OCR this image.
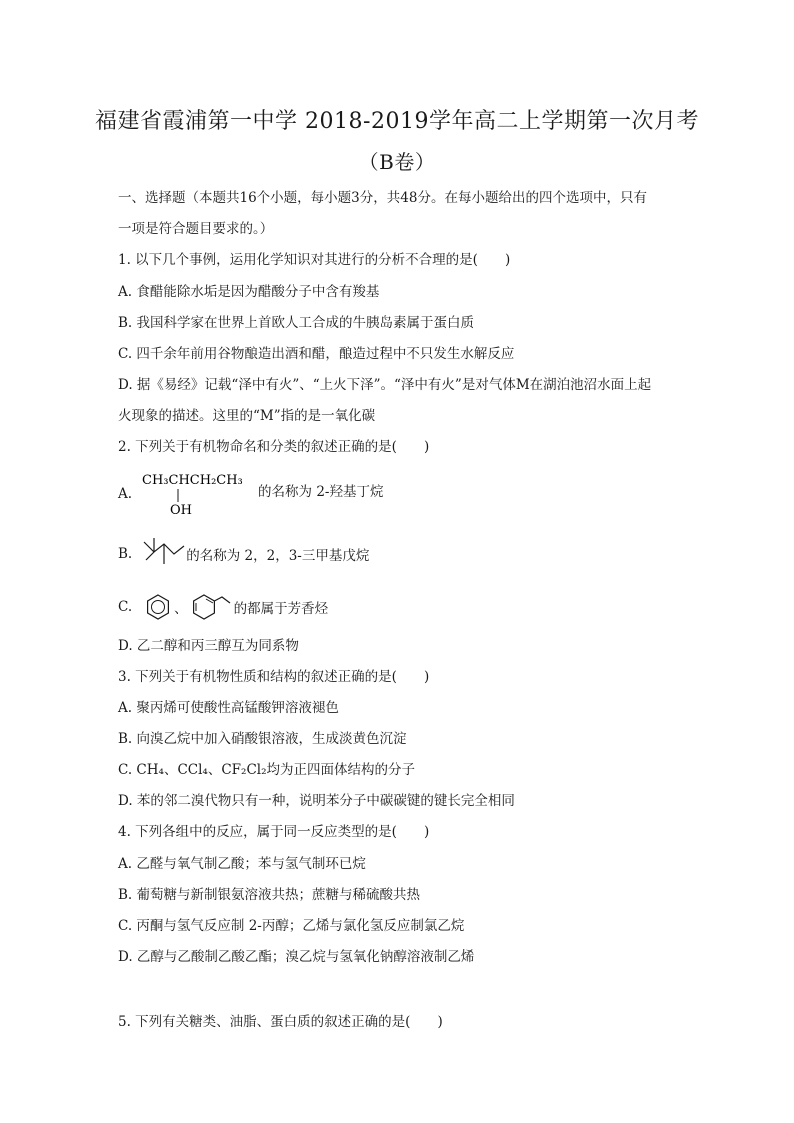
福建省霞浦第一中学 2018-2019学年高二上学期第一次月考
（B卷）
一、选择题（本题共16个小题，每小题3分，共48分。在每小题给出的四个选项中，只有
一项是符合题目要求的。）
1. 以下几个事例，运用化学知识对其进行的分析不合理的是(　　)
A. 食醋能除水垢是因为醋酸分子中含有羧基
B. 我国科学家在世界上首欧人工合成的牛胰岛素属于蛋白质
C. 四千余年前用谷物酿造出酒和醋，酿造过程中不只发生水解反应
D. 据《易经》记载“泽中有火”、“上火下泽”。“泽中有火”是对气体M在湖泊池沼水面上起
火现象的描述。这里的“M”指的是一氧化碳
2. 下列关于有机物命名和分类的叙述正确的是(　　)
A.
CH₃CHCH₂CH₃
OH
的名称为 2-羟基丁烷
B.	的名称为 2，2，3-三甲基戊烷
C.	、	的都属于芳香烃
D. 乙二醇和丙三醇互为同系物
3. 下列关于有机物性质和结构的叙述正确的是(　　)
A. 聚丙烯可使酸性高锰酸钾溶液褪色
B. 向溴乙烷中加入硝酸银溶液，生成淡黄色沉淀
C. CH₄、CCl₄、CF₂Cl₂均为正四面体结构的分子
D. 苯的邻二溴代物只有一种，说明苯分子中碳碳键的键长完全相同
4. 下列各组中的反应，属于同一反应类型的是(　　)
A. 乙醛与氧气制乙酸；苯与氢气制环已烷
B. 葡萄糖与新制银氨溶液共热；蔗糖与稀硫酸共热
C. 丙酮与氢气反应制 2-丙醇；乙烯与氯化氢反应制氯乙烷
D. 乙醇与乙酸制乙酸乙酯；溴乙烷与氢氧化钠醇溶液制乙烯
5. 下列有关糖类、油脂、蛋白质的叙述正确的是(　　)
